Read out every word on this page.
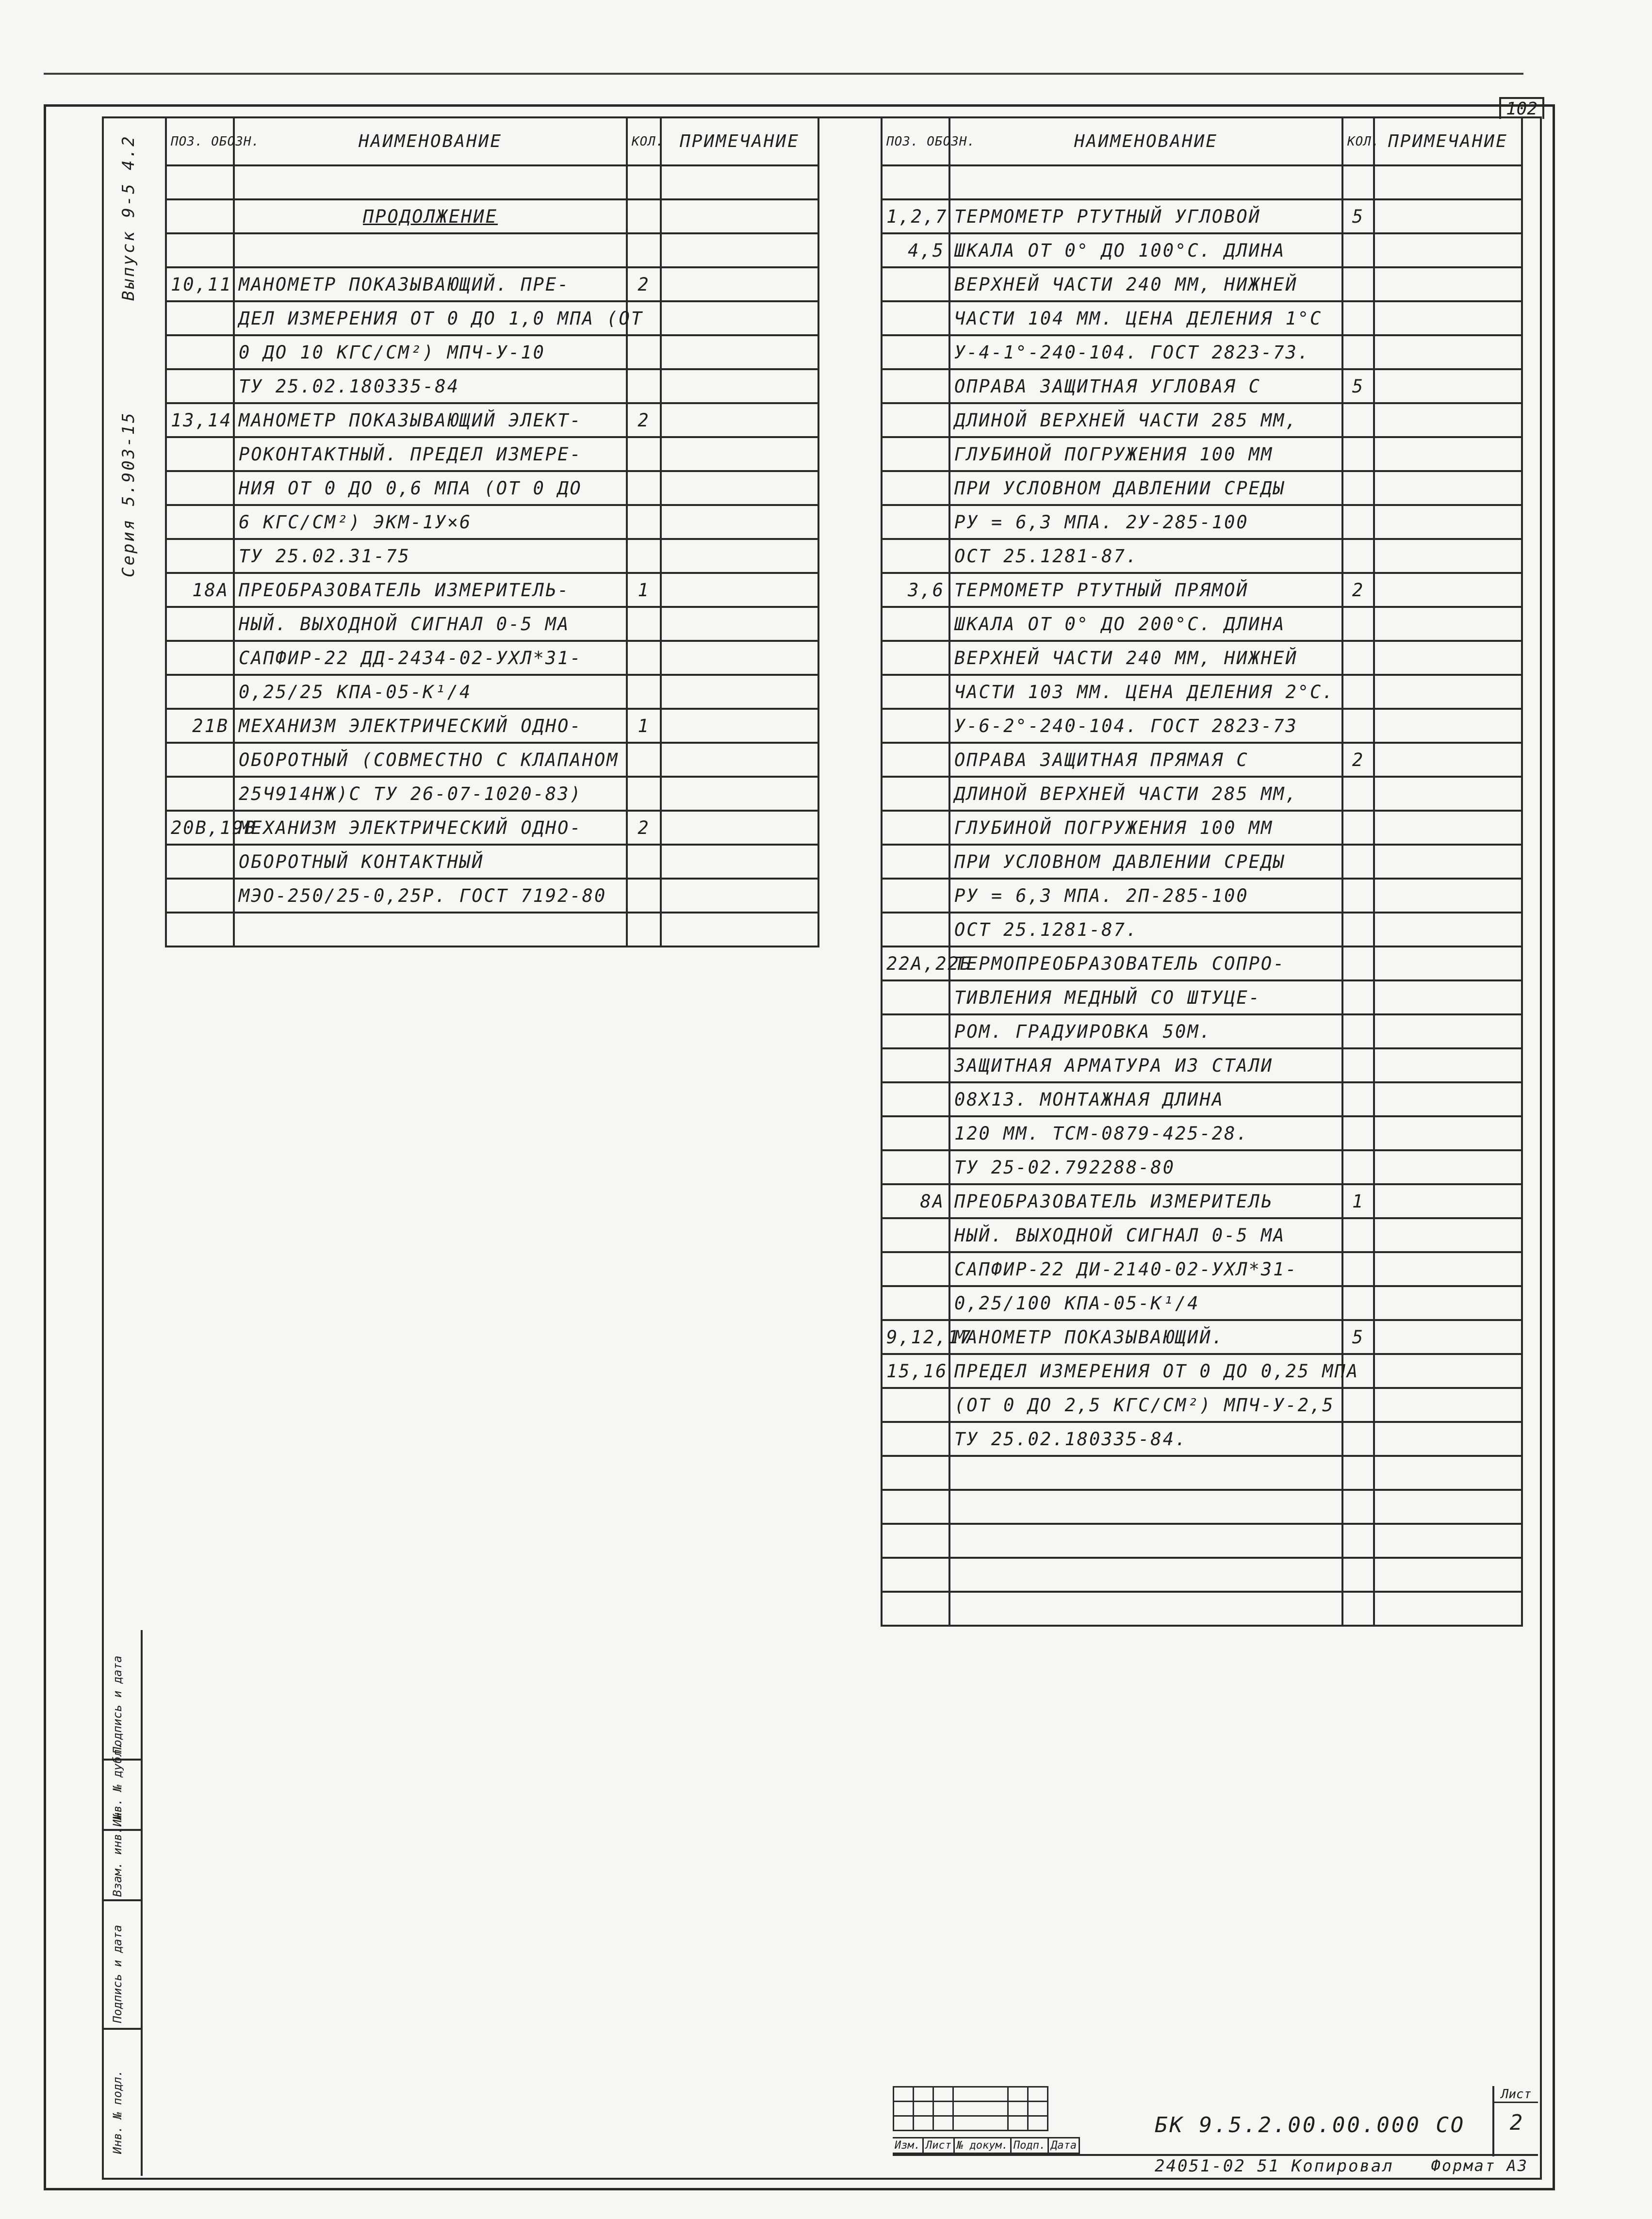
102
Выпуск 9-5 4.2
Серия 5.903-15
ПОЗ. ОБОЗН.	НАИМЕНОВАНИЕ	КОЛ.	ПРИМЕЧАНИЕ

	ПРОДОЛЖЕНИЕ		

10,11	МАНОМЕТР ПОКАЗЫВАЮЩИЙ. ПРЕ-	2	
	ДЕЛ ИЗМЕРЕНИЯ ОТ 0 ДО 1,0 МПА (ОТ		
	0 ДО 10 КГС/СМ²) МПЧ-У-10		
	ТУ 25.02.180335-84		
13,14	МАНОМЕТР ПОКАЗЫВАЮЩИЙ ЭЛЕКТ-	2	
	РОКОНТАКТНЫЙ. ПРЕДЕЛ ИЗМЕРЕ-		
	НИЯ ОТ 0 ДО 0,6 МПА (ОТ 0 ДО		
	6 КГС/СМ²) ЭКМ-1У×6		
	ТУ 25.02.31-75		
18А	ПРЕОБРАЗОВАТЕЛЬ ИЗМЕРИТЕЛЬ-	1	
	НЫЙ. ВЫХОДНОЙ СИГНАЛ 0-5 МА		
	САПФИР-22 ДД-2434-02-УХЛ*31-		
	0,25/25 КПА-05-К¹/4		
21В	МЕХАНИЗМ ЭЛЕКТРИЧЕСКИЙ ОДНО-	1	
	ОБОРОТНЫЙ (СОВМЕСТНО С КЛАПАНОМ		
	25Ч914НЖ)С ТУ 26-07-1020-83)		
20В,19В	МЕХАНИЗМ ЭЛЕКТРИЧЕСКИЙ ОДНО-	2	
	ОБОРОТНЫЙ КОНТАКТНЫЙ		
	МЭО-250/25-0,25Р. ГОСТ 7192-80		

ПОЗ. ОБОЗН.	НАИМЕНОВАНИЕ	КОЛ.	ПРИМЕЧАНИЕ

1,2,7	ТЕРМОМЕТР РТУТНЫЙ УГЛОВОЙ	5	
4,5	ШКАЛА ОТ 0° ДО 100°С. ДЛИНА		
	ВЕРХНЕЙ ЧАСТИ 240 ММ, НИЖНЕЙ		
	ЧАСТИ 104 ММ. ЦЕНА ДЕЛЕНИЯ 1°С		
	У-4-1°-240-104. ГОСТ 2823-73.		
	ОПРАВА ЗАЩИТНАЯ УГЛОВАЯ С	5	
	ДЛИНОЙ ВЕРХНЕЙ ЧАСТИ 285 ММ,		
	ГЛУБИНОЙ ПОГРУЖЕНИЯ 100 ММ		
	ПРИ УСЛОВНОМ ДАВЛЕНИИ СРЕДЫ		
	РУ = 6,3 МПА. 2У-285-100		
	ОСТ 25.1281-87.		
3,6	ТЕРМОМЕТР РТУТНЫЙ ПРЯМОЙ	2	
	ШКАЛА ОТ 0° ДО 200°С. ДЛИНА		
	ВЕРХНЕЙ ЧАСТИ 240 ММ, НИЖНЕЙ		
	ЧАСТИ 103 ММ. ЦЕНА ДЕЛЕНИЯ 2°С.		
	У-6-2°-240-104. ГОСТ 2823-73		
	ОПРАВА ЗАЩИТНАЯ ПРЯМАЯ С	2	
	ДЛИНОЙ ВЕРХНЕЙ ЧАСТИ 285 ММ,		
	ГЛУБИНОЙ ПОГРУЖЕНИЯ 100 ММ		
	ПРИ УСЛОВНОМ ДАВЛЕНИИ СРЕДЫ		
	РУ = 6,3 МПА. 2П-285-100		
	ОСТ 25.1281-87.		
22А,22Б	ТЕРМОПРЕОБРАЗОВАТЕЛЬ СОПРО-		
	ТИВЛЕНИЯ МЕДНЫЙ СО ШТУЦЕ-		
	РОМ. ГРАДУИРОВКА 50М.		
	ЗАЩИТНАЯ АРМАТУРА ИЗ СТАЛИ		
	08Х13. МОНТАЖНАЯ ДЛИНА		
	120 ММ. ТСМ-0879-425-28.		
	ТУ 25-02.792288-80		
8А	ПРЕОБРАЗОВАТЕЛЬ ИЗМЕРИТЕЛЬ	1	
	НЫЙ. ВЫХОДНОЙ СИГНАЛ 0-5 МА		
	САПФИР-22 ДИ-2140-02-УХЛ*31-		
	0,25/100 КПА-05-К¹/4		
9,12,17	МАНОМЕТР ПОКАЗЫВАЮЩИЙ.	5	
15,16	ПРЕДЕЛ ИЗМЕРЕНИЯ ОТ 0 ДО 0,25 МПА		
	(ОТ 0 ДО 2,5 КГС/СМ²) МПЧ-У-2,5		
	ТУ 25.02.180335-84.		

Подпись и дата
Инв. № дубл.
Взам. инв. №
Подпись и дата
Инв. № подл.

						Изм. Лист № докум. Подп. Дата
БК 9.5.2.00.00.000 СО
Лист
2
24051-02 51 Копировал Формат А3
